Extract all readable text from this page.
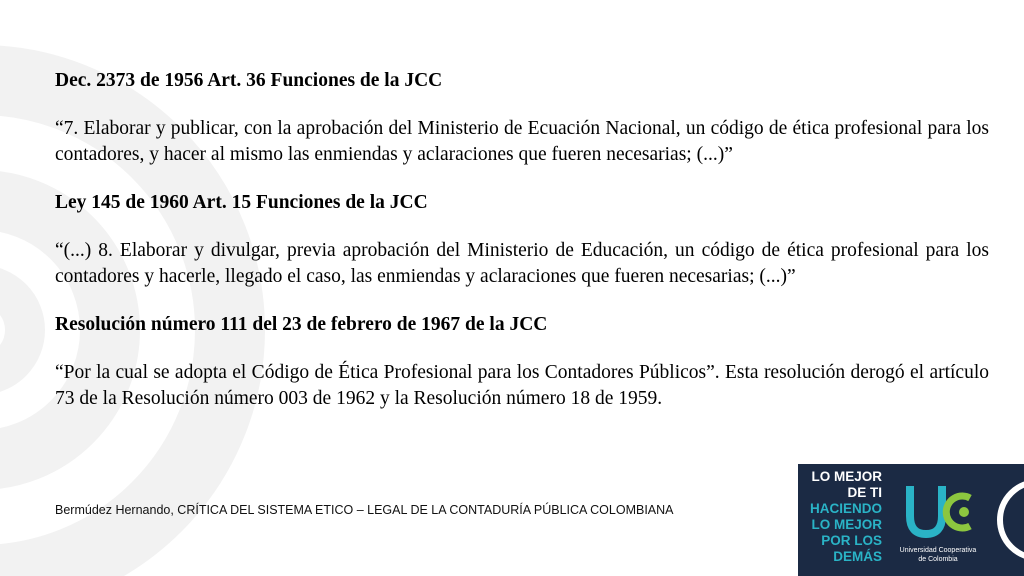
Dec. 2373 de 1956 Art. 36 Funciones de la JCC

“7. Elaborar y publicar, con la aprobación del Ministerio de Ecuación Nacional, un código de ética profesional para los contadores, y hacer al mismo las enmiendas y aclaraciones que fueren necesarias; (...)”

Ley 145 de 1960 Art. 15 Funciones de la JCC

“(...) 8. Elaborar y divulgar, previa aprobación del Ministerio de Educación, un código de ética profesional para los contadores y hacerle, llegado el caso, las enmiendas y aclaraciones que fueren necesarias; (...)”

Resolución número 111 del 23 de febrero de 1967 de la JCC

“Por la cual se adopta el Código de Ética Profesional para los Contadores Públicos”. Esta resolución derogó el artículo 73 de la Resolución número 003 de 1962 y la Resolución número 18 de 1959.

Bermúdez Hernando, CRÍTICA DEL SISTEMA ETICO – LEGAL DE LA CONTADURÍA PÚBLICA COLOMBIANA
LO MEJOR
DE TI
HACIENDO
LO MEJOR
POR LOS
DEMÁS	Universidad Cooperativa
de Colombia
